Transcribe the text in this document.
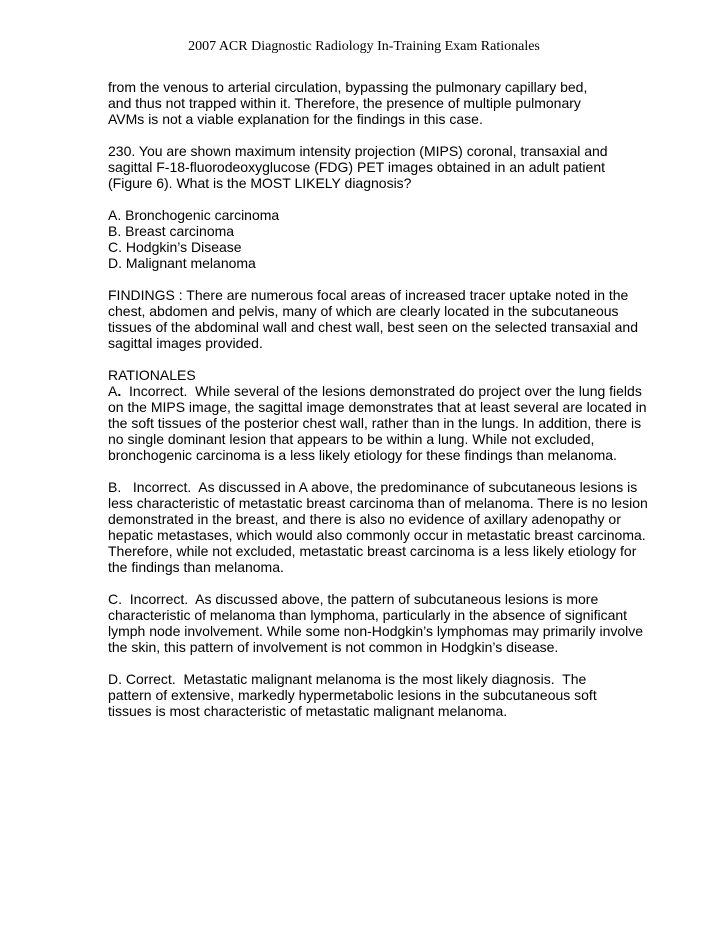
2007 ACR Diagnostic Radiology In-Training Exam Rationales
from the venous to arterial circulation, bypassing the pulmonary capillary bed,
and thus not trapped within it. Therefore, the presence of multiple pulmonary
AVMs is not a viable explanation for the findings in this case.
230. You are shown maximum intensity projection (MIPS) coronal, transaxial and
sagittal F-18-fluorodeoxyglucose (FDG) PET images obtained in an adult patient
(Figure 6). What is the MOST LIKELY diagnosis?
A. Bronchogenic carcinoma
B. Breast carcinoma
C. Hodgkin’s Disease
D. Malignant melanoma
FINDINGS : There are numerous focal areas of increased tracer uptake noted in the
chest, abdomen and pelvis, many of which are clearly located in the subcutaneous
tissues of the abdominal wall and chest wall, best seen on the selected transaxial and
sagittal images provided.
RATIONALES
A.  Incorrect.  While several of the lesions demonstrated do project over the lung fields
on the MIPS image, the sagittal image demonstrates that at least several are located in
the soft tissues of the posterior chest wall, rather than in the lungs. In addition, there is
no single dominant lesion that appears to be within a lung. While not excluded,
bronchogenic carcinoma is a less likely etiology for these findings than melanoma.
B.   Incorrect.  As discussed in A above, the predominance of subcutaneous lesions is
less characteristic of metastatic breast carcinoma than of melanoma. There is no lesion
demonstrated in the breast, and there is also no evidence of axillary adenopathy or
hepatic metastases, which would also commonly occur in metastatic breast carcinoma.
Therefore, while not excluded, metastatic breast carcinoma is a less likely etiology for
the findings than melanoma.
C.  Incorrect.  As discussed above, the pattern of subcutaneous lesions is more
characteristic of melanoma than lymphoma, particularly in the absence of significant
lymph node involvement. While some non-Hodgkin’s lymphomas may primarily involve
the skin, this pattern of involvement is not common in Hodgkin’s disease.
D. Correct.  Metastatic malignant melanoma is the most likely diagnosis.  The
pattern of extensive, markedly hypermetabolic lesions in the subcutaneous soft
tissues is most characteristic of metastatic malignant melanoma.
